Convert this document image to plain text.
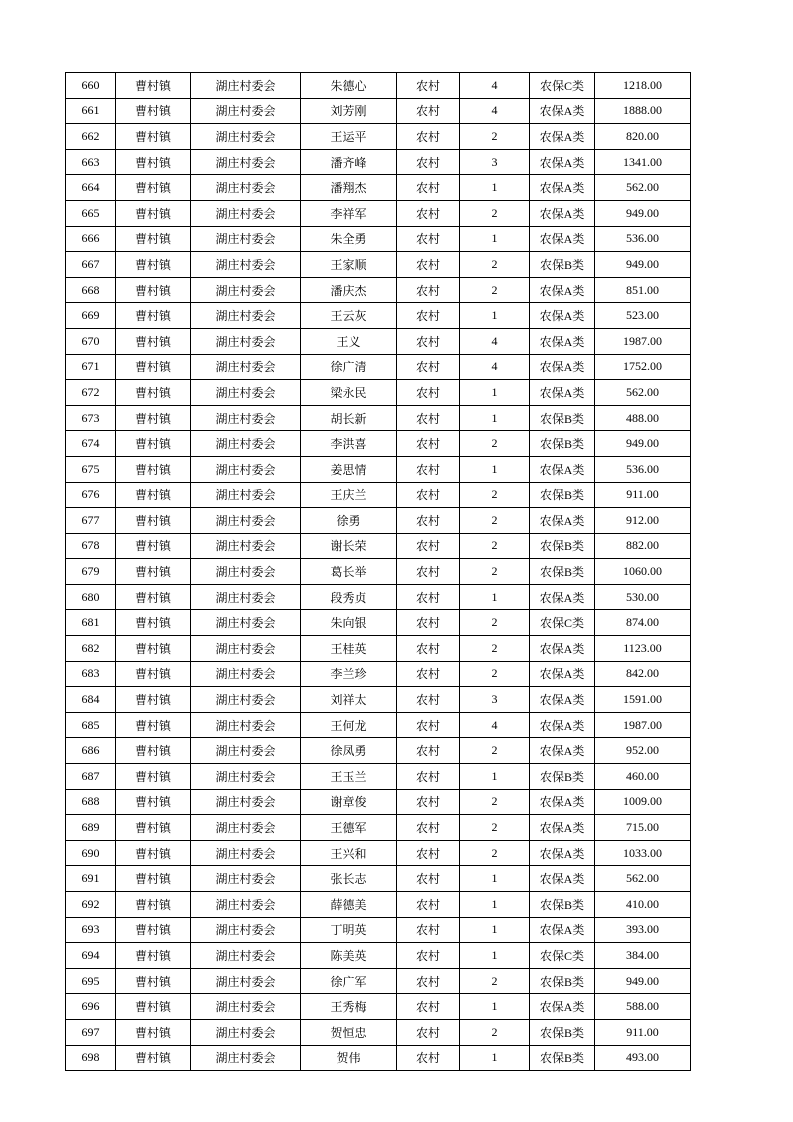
660	曹村镇	湖庄村委会	朱德心	农村	4	农保C类	1218.00
661	曹村镇	湖庄村委会	刘芳刚	农村	4	农保A类	1888.00
662	曹村镇	湖庄村委会	王运平	农村	2	农保A类	820.00
663	曹村镇	湖庄村委会	潘齐峰	农村	3	农保A类	1341.00
664	曹村镇	湖庄村委会	潘翔杰	农村	1	农保A类	562.00
665	曹村镇	湖庄村委会	李祥军	农村	2	农保A类	949.00
666	曹村镇	湖庄村委会	朱全勇	农村	1	农保A类	536.00
667	曹村镇	湖庄村委会	王家顺	农村	2	农保B类	949.00
668	曹村镇	湖庄村委会	潘庆杰	农村	2	农保A类	851.00
669	曹村镇	湖庄村委会	王云灰	农村	1	农保A类	523.00
670	曹村镇	湖庄村委会	王义	农村	4	农保A类	1987.00
671	曹村镇	湖庄村委会	徐广清	农村	4	农保A类	1752.00
672	曹村镇	湖庄村委会	梁永民	农村	1	农保A类	562.00
673	曹村镇	湖庄村委会	胡长新	农村	1	农保B类	488.00
674	曹村镇	湖庄村委会	李洪喜	农村	2	农保B类	949.00
675	曹村镇	湖庄村委会	姜思情	农村	1	农保A类	536.00
676	曹村镇	湖庄村委会	王庆兰	农村	2	农保B类	911.00
677	曹村镇	湖庄村委会	徐勇	农村	2	农保A类	912.00
678	曹村镇	湖庄村委会	谢长荣	农村	2	农保B类	882.00
679	曹村镇	湖庄村委会	葛长举	农村	2	农保B类	1060.00
680	曹村镇	湖庄村委会	段秀贞	农村	1	农保A类	530.00
681	曹村镇	湖庄村委会	朱向银	农村	2	农保C类	874.00
682	曹村镇	湖庄村委会	王桂英	农村	2	农保A类	1123.00
683	曹村镇	湖庄村委会	李兰珍	农村	2	农保A类	842.00
684	曹村镇	湖庄村委会	刘祥太	农村	3	农保A类	1591.00
685	曹村镇	湖庄村委会	王何龙	农村	4	农保A类	1987.00
686	曹村镇	湖庄村委会	徐凤勇	农村	2	农保A类	952.00
687	曹村镇	湖庄村委会	王玉兰	农村	1	农保B类	460.00
688	曹村镇	湖庄村委会	谢章俊	农村	2	农保A类	1009.00
689	曹村镇	湖庄村委会	王德军	农村	2	农保A类	715.00
690	曹村镇	湖庄村委会	王兴和	农村	2	农保A类	1033.00
691	曹村镇	湖庄村委会	张长志	农村	1	农保A类	562.00
692	曹村镇	湖庄村委会	薛德美	农村	1	农保B类	410.00
693	曹村镇	湖庄村委会	丁明英	农村	1	农保A类	393.00
694	曹村镇	湖庄村委会	陈美英	农村	1	农保C类	384.00
695	曹村镇	湖庄村委会	徐广军	农村	2	农保B类	949.00
696	曹村镇	湖庄村委会	王秀梅	农村	1	农保A类	588.00
697	曹村镇	湖庄村委会	贺恒忠	农村	2	农保B类	911.00
698	曹村镇	湖庄村委会	贺伟	农村	1	农保B类	493.00
